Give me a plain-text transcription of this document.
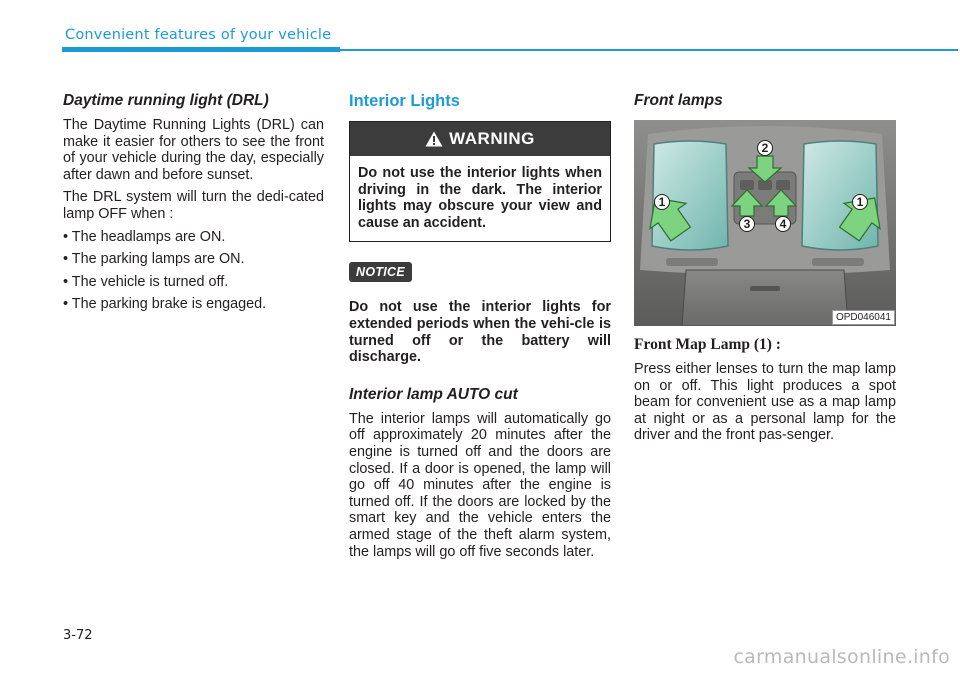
Convenient features of your vehicle
Daytime running light (DRL)

The Daytime Running Lights (DRL) can make it easier for others to see the front of your vehicle during the day, especially after dawn and before sunset.

The DRL system will turn the dedi-cated lamp OFF when :

• The headlamps are ON.

• The parking lamps are ON.

• The vehicle is turned off.

• The parking brake is engaged.

Interior Lights
WARNING

Do not use the interior lights when driving in the dark. The interior lights may obscure your view and cause an accident.

NOTICE

Do not use the interior lights for extended periods when the vehi-cle is turned off or the battery will discharge.

Interior lamp AUTO cut

The interior lamps will automatically go off approximately 20 minutes after the engine is turned off and the doors are closed. If a door is opened, the lamp will go off 40 minutes after the engine is turned off. If the doors are locked by the smart key and the vehicle enters the armed stage of the theft alarm system, the lamps will go off five seconds later.

Front lamps
1
2
3 4
1
OPD046041
Front Map Lamp (1) :

Press either lenses to turn the map lamp on or off. This light produces a spot beam for convenient use as a map lamp at night or as a personal lamp for the driver and the front pas-senger.

3-72
carmanualsonline.info
